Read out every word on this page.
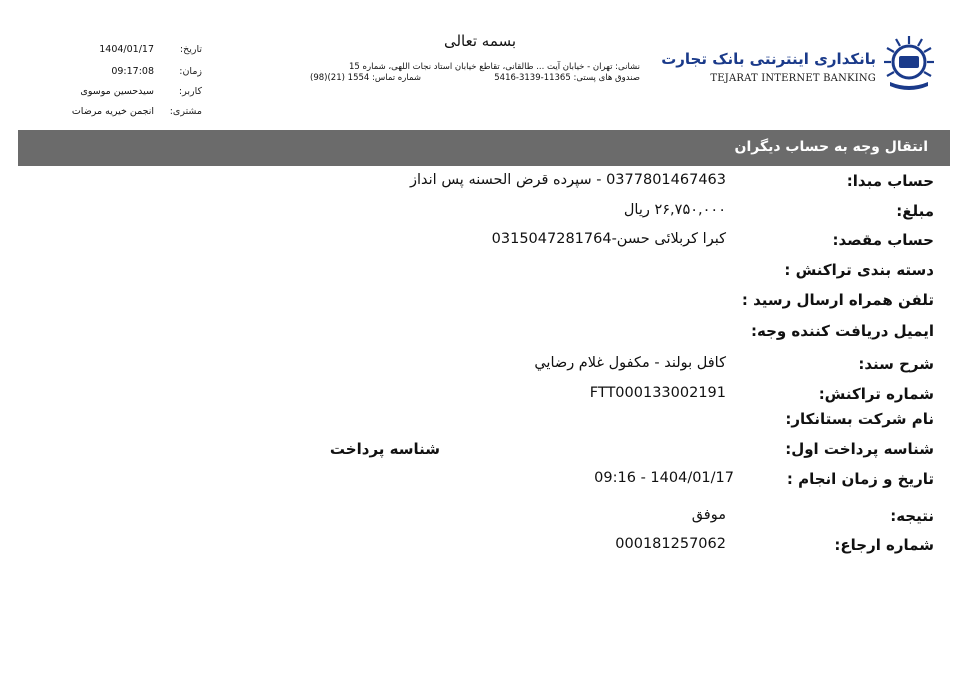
بسمه تعالی
نشانی: تهران - خیابان آیت ... طالقانی، تقاطع خیابان استاد نجات اللهی، شماره 15
صندوق های پستی: 11365-3139-5416
شماره تماس: 1554 (21)(98)
بانکداری اینترنتی بانک تجارت
TEJARAT INTERNET BANKING
1404/01/17	تاریخ:
09:17:08	زمان:
سیدحسین موسوی	کاربر:
انجمن خیریه مرضات	مشتری:
انتقال وجه به حساب دیگران
حساب مبدا:
0377801467463 - سپرده قرض الحسنه پس انداز
مبلغ:
۲۶,۷۵۰,۰۰۰ ریال
حساب مقصد:
کبرا کربلائی حسن-0315047281764
دسته بندی تراکنش :
تلفن همراه ارسال رسید :
ایمیل دریافت کننده وجه:
شرح سند:
کافل بولند - مکفول غلام رضايي
شماره تراکنش:
FTT000133002191
نام شرکت بستانکار:
شناسه پرداخت اول:
شناسه پرداخت
تاریخ و زمان انجام :
1404/01/17 - 09:16
نتیجه:
موفق
شماره ارجاع:
000181257062
